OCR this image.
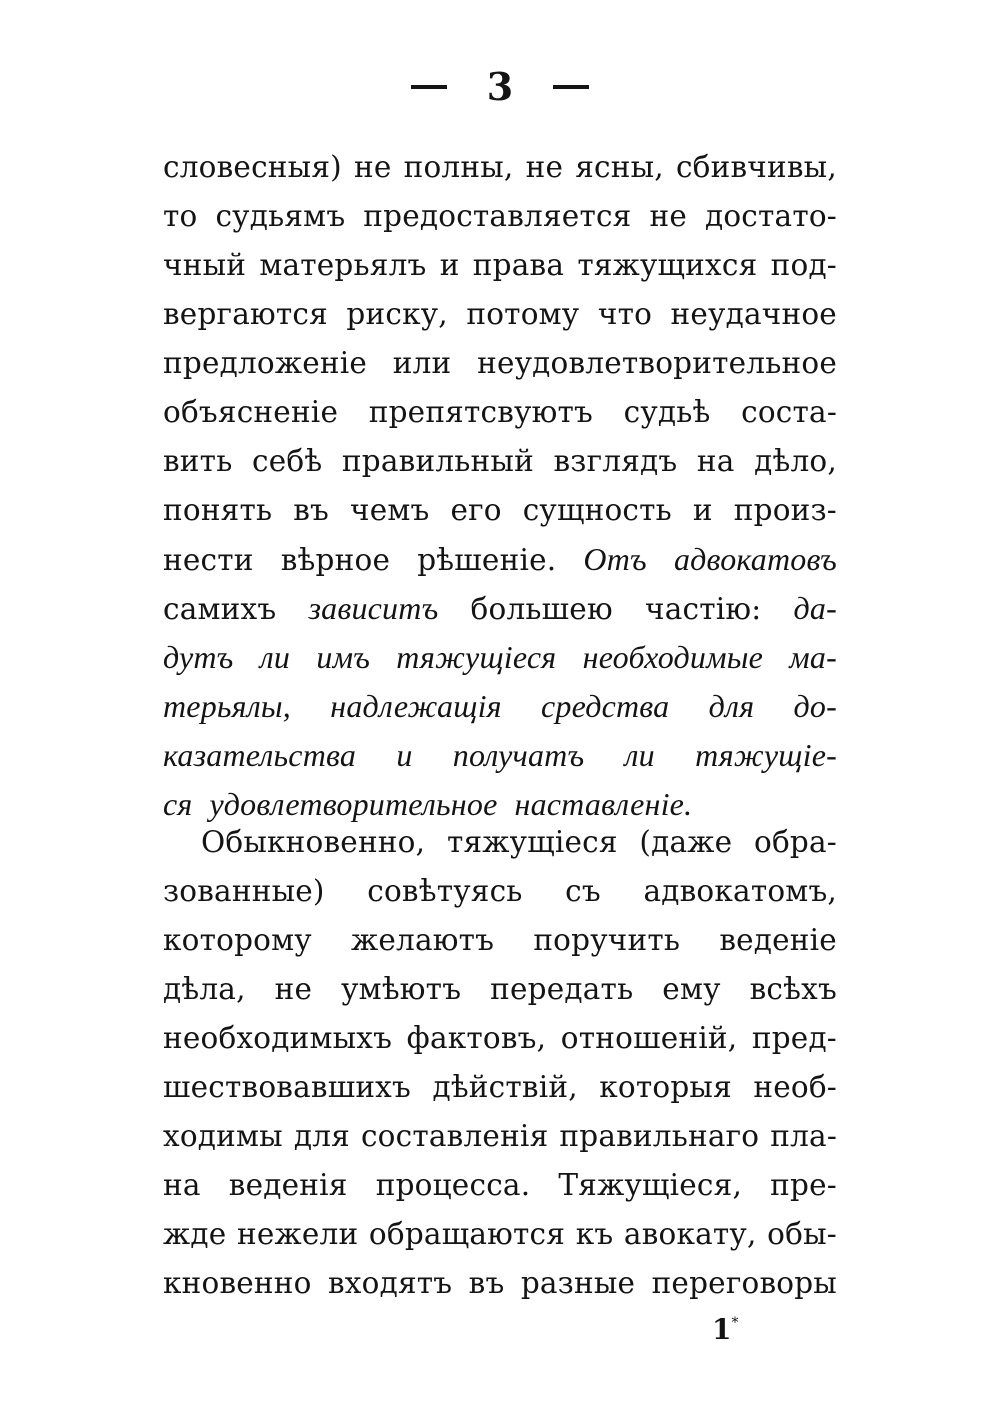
3
словесныя) не полны, не ясны, сбивчивы,
то судьямъ предоставляется не достато-
чный матерьялъ и права тяжущихся под-
вергаются риску, потому что неудачное
предложеніе или неудовлетворительное
объясненіе препятсвуютъ судьѣ соста-
вить себѣ правильный взглядъ на дѣло,
понять въ чемъ его сущность и произ-
нести вѣрное рѣшеніе. Отъ адвокатовъ
самихъ зависитъ большею частію: да-
дутъ ли имъ тяжущіеся необходимые ма-
терьялы, надлежащія средства для до-
казательства и получатъ ли тяжущіе-
ся удовлетворительное наставленіе.
Обыкновенно, тяжущіеся (даже обра-
зованные) совѣтуясь съ адвокатомъ,
которому желаютъ поручить веденіе
дѣла, не умѣютъ передать ему всѣхъ
необходимыхъ фактовъ, отношеній, пред-
шествовавшихъ дѣйствій, которыя необ-
ходимы для составленія правильнаго пла-
на веденія процесса. Тяжущіеся, пре-
жде нежели обращаются къ авокату, обы-
кновенно входятъ въ разные переговоры
1*
